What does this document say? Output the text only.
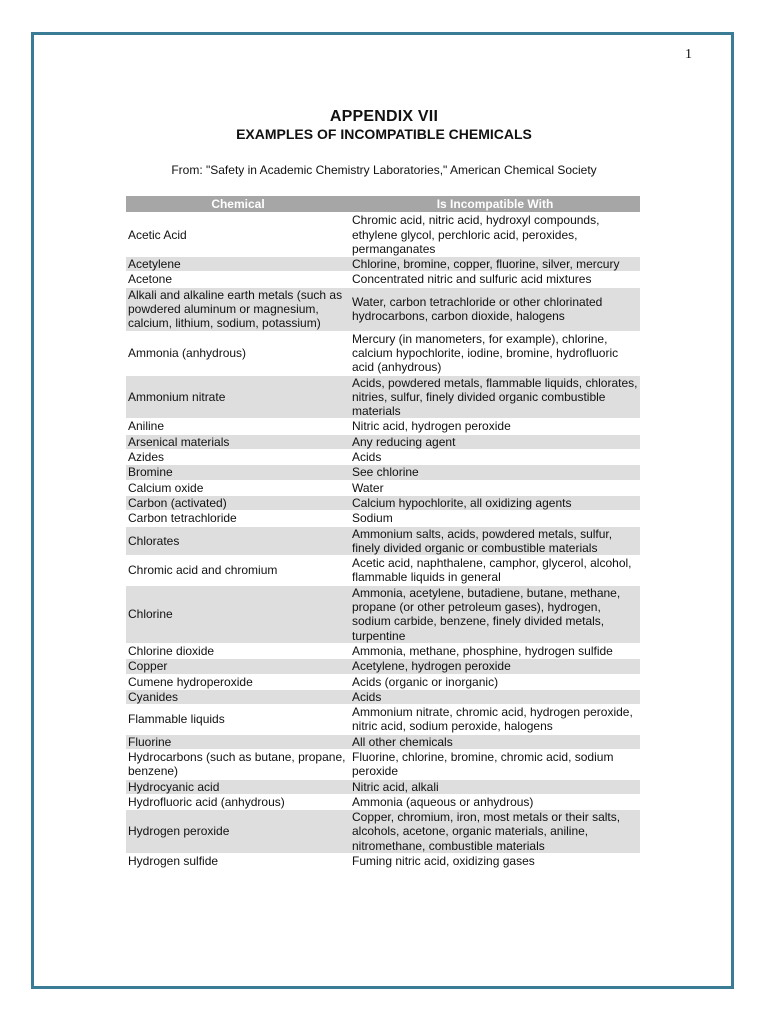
1
APPENDIX VII
EXAMPLES OF INCOMPATIBLE CHEMICALS
From: "Safety in Academic Chemistry Laboratories," American Chemical Society
Chemical	Is Incompatible With
Acetic Acid	Chromic acid, nitric acid, hydroxyl compounds, ethylene glycol, perchloric acid, peroxides, permanganates
Acetylene	Chlorine, bromine, copper, fluorine, silver, mercury
Acetone	Concentrated nitric and sulfuric acid mixtures
Alkali and alkaline earth metals (such as powdered aluminum or magnesium, calcium, lithium, sodium, potassium)	Water, carbon tetrachloride or other chlorinated hydrocarbons, carbon dioxide, halogens
Ammonia (anhydrous)	Mercury (in manometers, for example), chlorine, calcium hypochlorite, iodine, bromine, hydrofluoric acid (anhydrous)
Ammonium nitrate	Acids, powdered metals, flammable liquids, chlorates, nitries, sulfur, finely divided organic combustible materials
Aniline	Nitric acid, hydrogen peroxide
Arsenical materials	Any reducing agent
Azides	Acids
Bromine	See chlorine
Calcium oxide	Water
Carbon (activated)	Calcium hypochlorite, all oxidizing agents
Carbon tetrachloride	Sodium
Chlorates	Ammonium salts, acids, powdered metals, sulfur, finely divided organic or combustible materials
Chromic acid and chromium	Acetic acid, naphthalene, camphor, glycerol, alcohol, flammable liquids in general
Chlorine	Ammonia, acetylene, butadiene, butane, methane, propane (or other petroleum gases), hydrogen, sodium carbide, benzene, finely divided metals, turpentine
Chlorine dioxide	Ammonia, methane, phosphine, hydrogen sulfide
Copper	Acetylene, hydrogen peroxide
Cumene hydroperoxide	Acids (organic or inorganic)
Cyanides	Acids
Flammable liquids	Ammonium nitrate, chromic acid, hydrogen peroxide, nitric acid, sodium peroxide, halogens
Fluorine	All other chemicals
Hydrocarbons (such as butane, propane, benzene)	Fluorine, chlorine, bromine, chromic acid, sodium peroxide
Hydrocyanic acid	Nitric acid, alkali
Hydrofluoric acid (anhydrous)	Ammonia (aqueous or anhydrous)
Hydrogen peroxide	Copper, chromium, iron, most metals or their salts, alcohols, acetone, organic materials, aniline, nitromethane, combustible materials
Hydrogen sulfide	Fuming nitric acid, oxidizing gases
